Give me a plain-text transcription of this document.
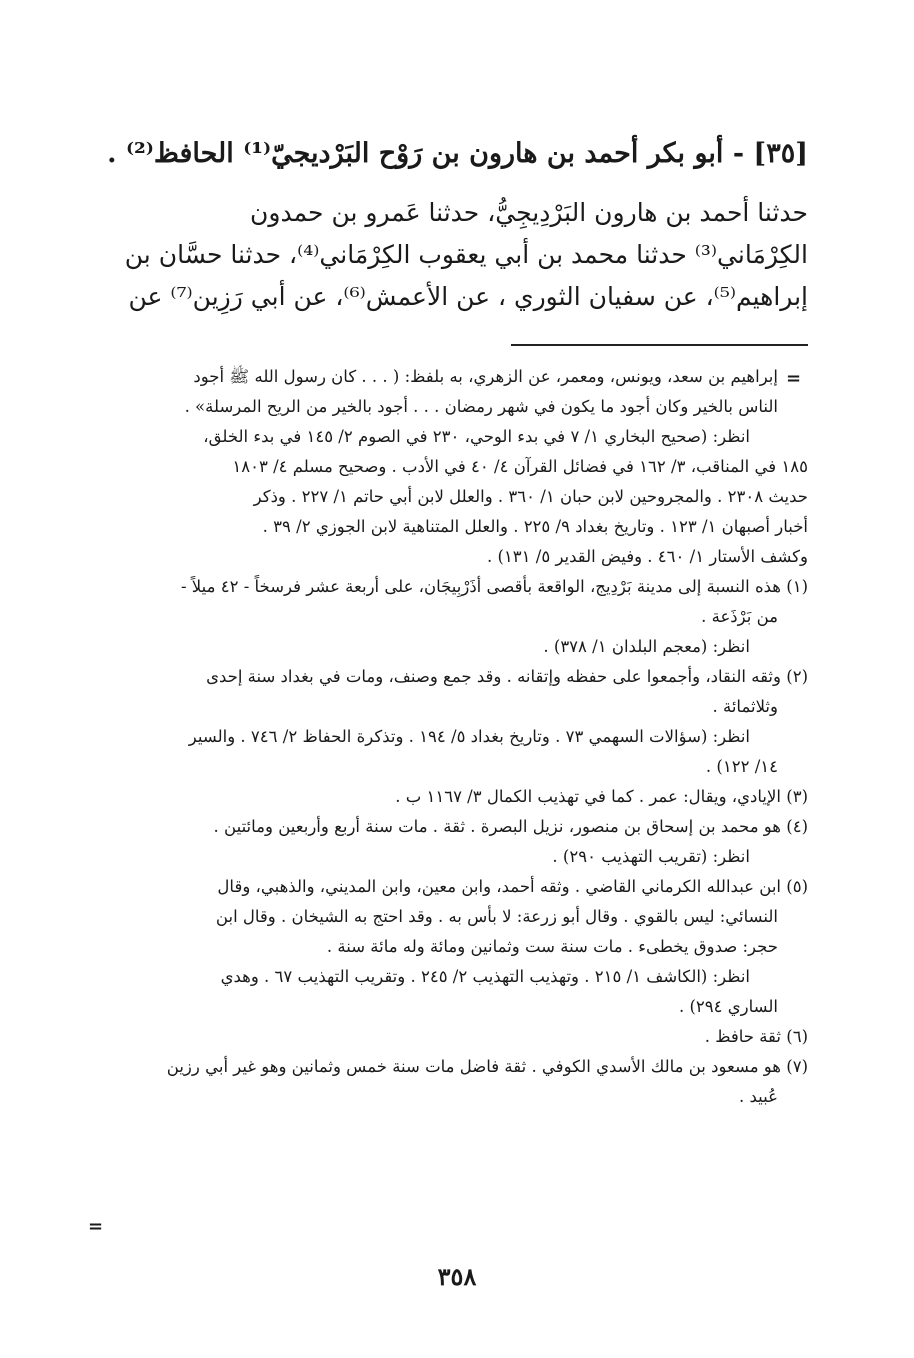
[٣٥] - أبو بكر أحمد بن هارون بن رَوْح البَرْديجيّ⁽¹⁾ الحافظ⁽²⁾ .
حدثنا أحمد بن هارون البَرْدِيجِيُّ، حدثنا عَمرو بن حمدون
الكِرْمَاني⁽³⁾ حدثنا محمد بن أبي يعقوب الكِرْمَاني⁽⁴⁾، حدثنا حسَّان بن
إبراهيم⁽⁵⁾، عن سفيان الثوري ، عن الأعمش⁽⁶⁾، عن أبي رَزِين⁽⁷⁾ عن
=
إبراهيم بن سعد، ويونس، ومعمر، عن الزهري، به بلفظ: ( . . . كان رسول الله ﷺ أجود
الناس بالخير وكان أجود ما يكون في شهر رمضان . . . أجود بالخير من الريح المرسلة» .
انظر: (صحيح البخاري ١/ ٧ في بدء الوحي، ٢٣٠ في الصوم ٢/ ١٤٥ في بدء الخلق،
١٨٥ في المناقب، ٣/ ١٦٢ في فضائل القرآن ٤/ ٤٠ في الأدب . وصحيح مسلم ٤/ ١٨٠٣
حديث ٢٣٠٨ . والمجروحين لابن حبان ١/ ٣٦٠ . والعلل لابن أبي حاتم ١/ ٢٢٧ . وذكر
أخبار أصبهان ١/ ١٢٣ . وتاريخ بغداد ٩/ ٢٢٥ . والعلل المتناهية لابن الجوزي ٢/ ٣٩ .
وكشف الأستار ١/ ٤٦٠ . وفيض القدير ٥/ ١٣١) .
(١) هذه النسبة إلى مدينة بَرْدِيج، الواقعة بأقصى أذَرْبِيجَان، على أربعة عشر فرسخاً - ٤٢ ميلاً -
من بَرْذَعة .
انظر: (معجم البلدان ١/ ٣٧٨) .
(٢) وثقه النقاد، وأجمعوا على حفظه وإتقانه . وقد جمع وصنف، ومات في بغداد سنة إحدى
وثلاثمائة .
انظر: (سؤالات السهمي ٧٣ . وتاريخ بغداد ٥/ ١٩٤ . وتذكرة الحفاظ ٢/ ٧٤٦ . والسير
١٤/ ١٢٢) .
(٣) الإيادي، ويقال: عمر . كما في تهذيب الكمال ٣/ ١١٦٧ ب .
(٤) هو محمد بن إسحاق بن منصور، نزيل البصرة . ثقة . مات سنة أربع وأربعين ومائتين .
انظر: (تقريب التهذيب ٢٩٠) .
(٥) ابن عبدالله الكرماني القاضي . وثقه أحمد، وابن معين، وابن المديني، والذهبي، وقال
النسائي: ليس بالقوي . وقال أبو زرعة: لا بأس به . وقد احتج به الشيخان . وقال ابن
حجر: صدوق يخطىء . مات سنة ست وثمانين ومائة وله مائة سنة .
انظر: (الكاشف ١/ ٢١٥ . وتهذيب التهذيب ٢/ ٢٤٥ . وتقريب التهذيب ٦٧ . وهدي
الساري ٢٩٤) .
(٦) ثقة حافظ .
(٧) هو مسعود بن مالك الأسدي الكوفي . ثقة فاضل مات سنة خمس وثمانين وهو غير أبي رزين
عُبيد .
=
٣٥٨
